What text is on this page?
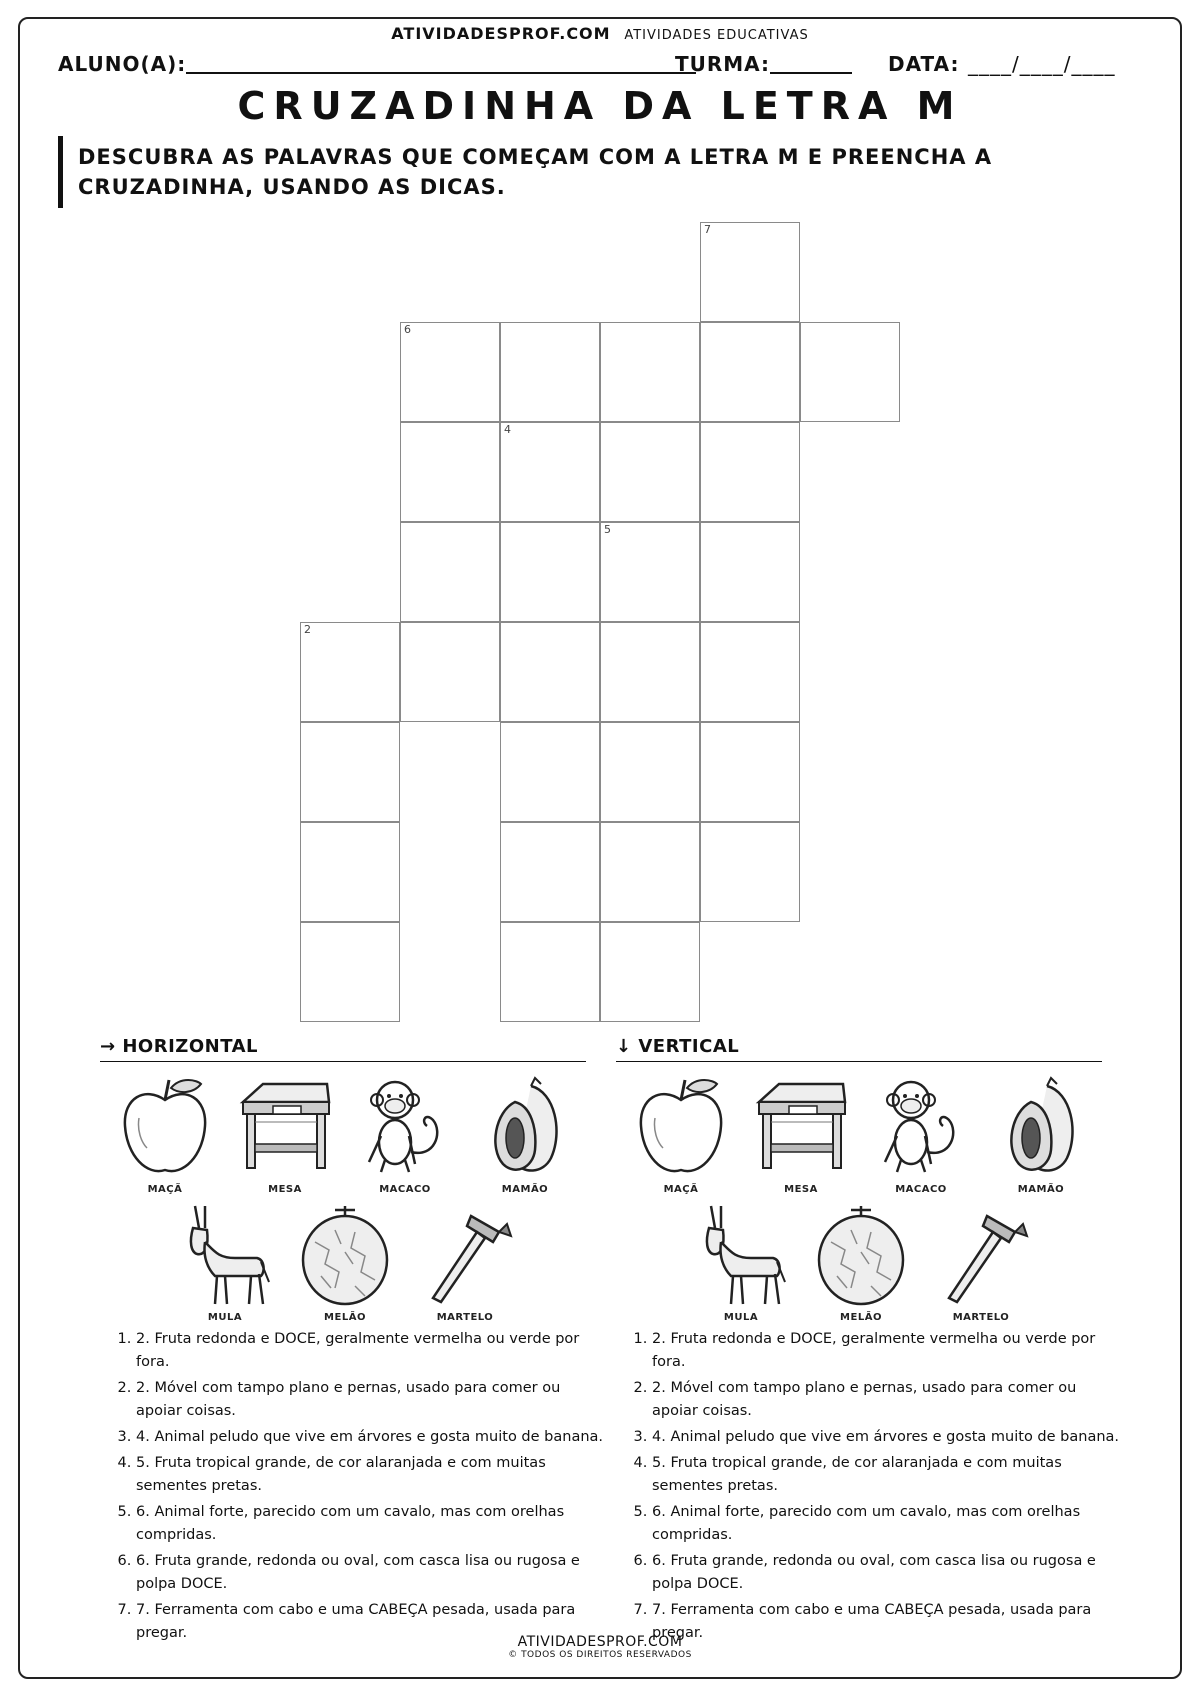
ATIVIDADESPROF.COM ATIVIDADES EDUCATIVAS
ALUNO(A):	TURMA:	DATA: ____/____/____
CRUZADINHA DA LETRA M
DESCUBRA AS PALAVRAS QUE COMEÇAM COM A LETRA M E PREENCHA A CRUZADINHA, USANDO AS DICAS.
7
6
4
5
2
→ HORIZONTAL
MAÇÃ	MESA	MACACO	MAMÃO
MULA	MELÃO	MARTELO
1. 2. Fruta redonda e DOCE, geralmente vermelha ou verde por fora.
2. 2. Móvel com tampo plano e pernas, usado para comer ou apoiar coisas.
3. 4. Animal peludo que vive em árvores e gosta muito de banana.
4. 5. Fruta tropical grande, de cor alaranjada e com muitas sementes pretas.
5. 6. Animal forte, parecido com um cavalo, mas com orelhas compridas.
6. 6. Fruta grande, redonda ou oval, com casca lisa ou rugosa e polpa DOCE.
7. 7. Ferramenta com cabo e uma CABEÇA pesada, usada para pregar.
↓ VERTICAL
MAÇÃ	MESA	MACACO	MAMÃO
MULA	MELÃO	MARTELO
1. 2. Fruta redonda e DOCE, geralmente vermelha ou verde por fora.
2. 2. Móvel com tampo plano e pernas, usado para comer ou apoiar coisas.
3. 4. Animal peludo que vive em árvores e gosta muito de banana.
4. 5. Fruta tropical grande, de cor alaranjada e com muitas sementes pretas.
5. 6. Animal forte, parecido com um cavalo, mas com orelhas compridas.
6. 6. Fruta grande, redonda ou oval, com casca lisa ou rugosa e polpa DOCE.
7. 7. Ferramenta com cabo e uma CABEÇA pesada, usada para pregar.
ATIVIDADESPROF.COM
© TODOS OS DIREITOS RESERVADOS
